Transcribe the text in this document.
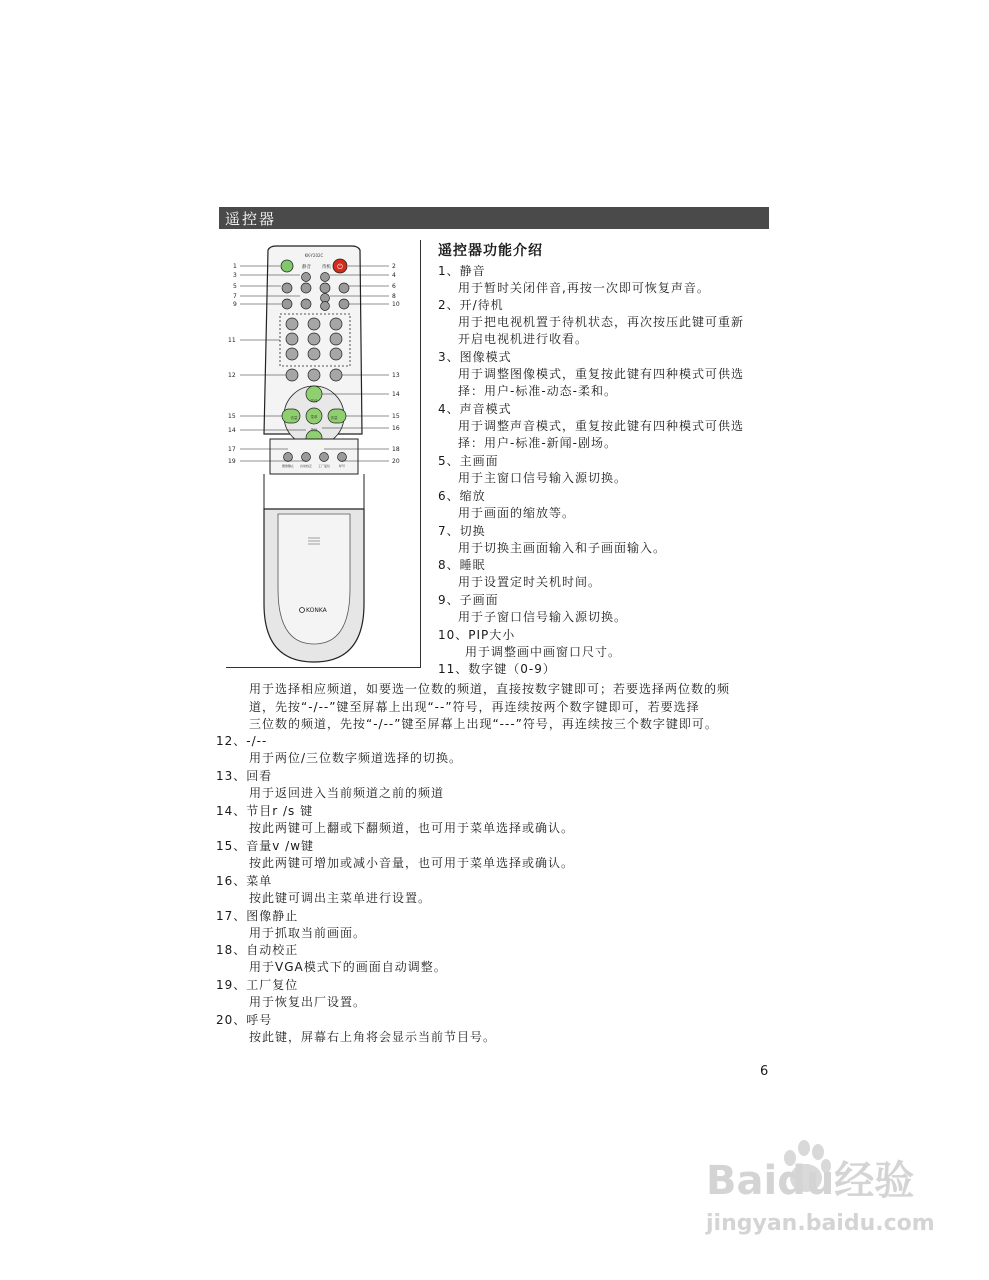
遥控器
KK-Y202C
静音 待机 ⏻
节目
节目
音量	音量
菜单
图像静止 自动校正 工厂复位	呼号
KONKA
1
3
5
7
9
11
12
15
14
17
19
2
4
6
8
10
13
14
15
16
18
20
遥控器功能介绍
1、静音
用于暂时关闭伴音,再按一次即可恢复声音。
2、开/待机
用于把电视机置于待机状态，再次按压此键可重新
开启电视机进行收看。
3、图像模式
用于调整图像模式，重复按此键有四种模式可供选
择：用户-标准-动态-柔和。
4、声音模式
用于调整声音模式，重复按此键有四种模式可供选
择：用户-标准-新闻-剧场。
5、主画面
用于主窗口信号输入源切换。
6、缩放
用于画面的缩放等。
7、切换
用于切换主画面输入和子画面输入。
8、睡眠
用于设置定时关机时间。
9、子画面
用于子窗口信号输入源切换。
10、PIP大小
用于调整画中画窗口尺寸。
11、数字键（0-9）
用于选择相应频道，如要选一位数的频道，直接按数字键即可；若要选择两位数的频
道，先按“-/--”键至屏幕上出现“--”符号，再连续按两个数字键即可，若要选择
三位数的频道，先按“-/--”键至屏幕上出现“---”符号，再连续按三个数字键即可。
12、-/--
用于两位/三位数字频道选择的切换。
13、回看
用于返回进入当前频道之前的频道
14、节目r /s 键
按此两键可上翻或下翻频道，也可用于菜单选择或确认。
15、音量v /w键
按此两键可增加或减小音量，也可用于菜单选择或确认。
16、菜单
按此键可调出主菜单进行设置。
17、图像静止
用于抓取当前画面。
18、自动校正
用于VGA模式下的画面自动调整。
19、工厂复位
用于恢复出厂设置。
20、呼号
按此键，屏幕右上角将会显示当前节目号。
6
Baidu经验
jingyan.baidu.com
